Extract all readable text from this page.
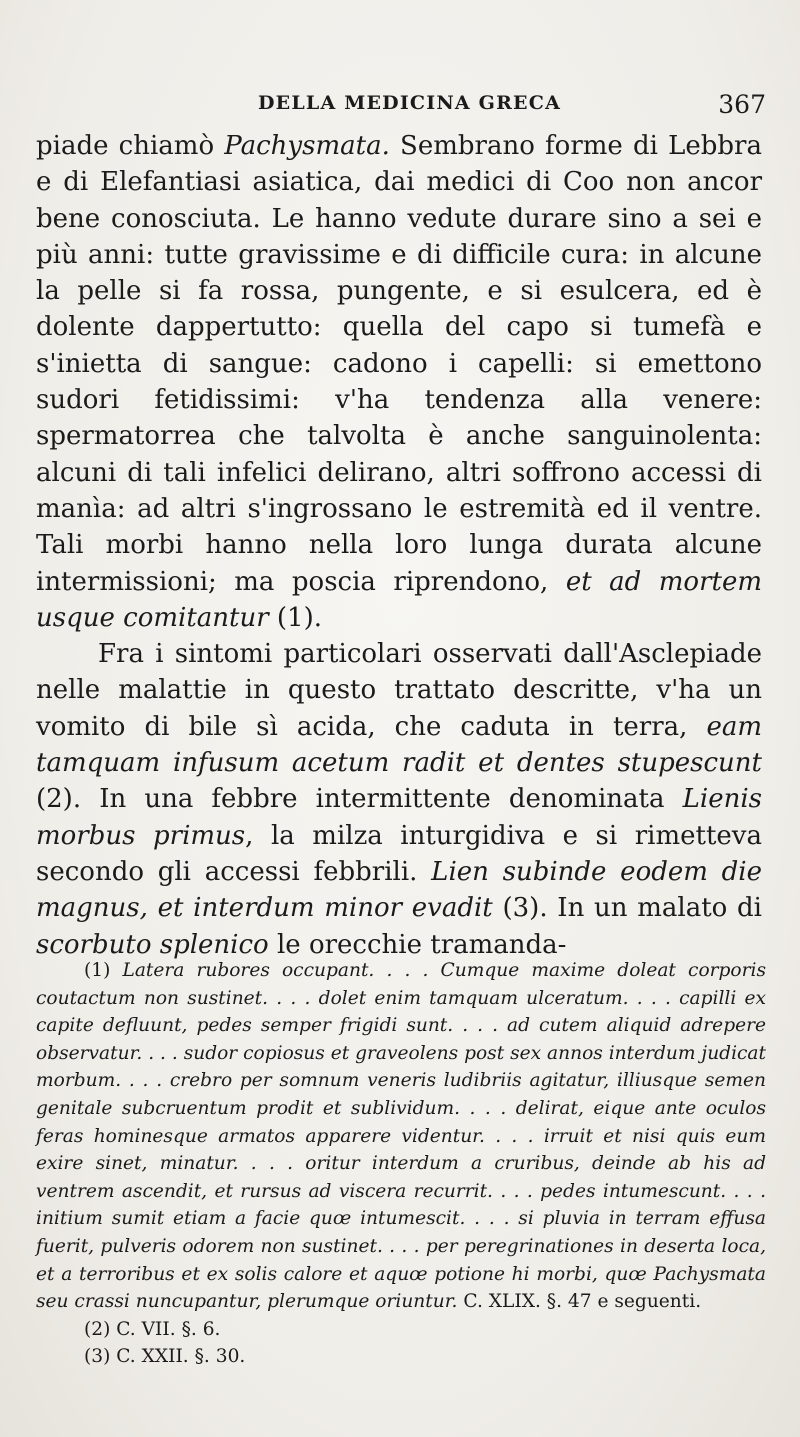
DELLA MEDICINA GRECA	367

piade chiamò Pachysmata. Sembrano forme di Lebbra e di Elefantiasi asiatica, dai medici di Coo non ancor bene conosciuta. Le hanno vedute durare sino a sei e più anni: tutte gravissime e di difficile cura: in alcune la pelle si fa rossa, pungente, e si esulcera, ed è dolente dappertutto: quella del capo si tumefà e s'inietta di sangue: cadono i capelli: si emettono sudori fetidissimi: v'ha tendenza alla venere: spermatorrea che talvolta è anche sanguinolenta: alcuni di tali infelici delirano, altri soffrono accessi di manìa: ad altri s'ingrossano le estremità ed il ventre. Tali morbi hanno nella loro lunga durata alcune intermissioni; ma poscia riprendono, et ad mortem usque comitantur (1).

Fra i sintomi particolari osservati dall'Asclepiade nelle malattie in questo trattato descritte, v'ha un vomito di bile sì acida, che caduta in terra, eam tamquam infusum acetum radit et dentes stupescunt (2). In una febbre intermittente denominata Lienis morbus primus, la milza inturgidiva e si rimetteva secondo gli accessi febbrili. Lien subinde eodem die magnus, et interdum minor evadit (3). In un malato di scorbuto splenico le orecchie tramanda-

(1) Latera rubores occupant. . . . Cumque maxime doleat corporis coutactum non sustinet. . . . dolet enim tamquam ulceratum. . . . capilli ex capite defluunt, pedes semper frigidi sunt. . . . ad cutem aliquid adrepere observatur. . . . sudor copiosus et graveolens post sex annos interdum judicat morbum. . . . crebro per somnum veneris ludibriis agitatur, illiusque semen genitale subcruentum prodit et sublividum. . . . delirat, eique ante oculos feras hominesque armatos apparere videntur. . . . irruit et nisi quis eum exire sinet, minatur. . . . oritur interdum a cruribus, deinde ab his ad ventrem ascendit, et rursus ad viscera recurrit. . . . pedes intumescunt. . . . initium sumit etiam a facie quœ intumescit. . . . si pluvia in terram effusa fuerit, pulveris odorem non sustinet. . . . per peregrinationes in deserta loca, et a terroribus et ex solis calore et aquœ potione hi morbi, quœ Pachysmata seu crassi nuncupantur, plerumque oriuntur. C. XLIX. §. 47 e seguenti.

(2) C. VII. §. 6.

(3) C. XXII. §. 30.
